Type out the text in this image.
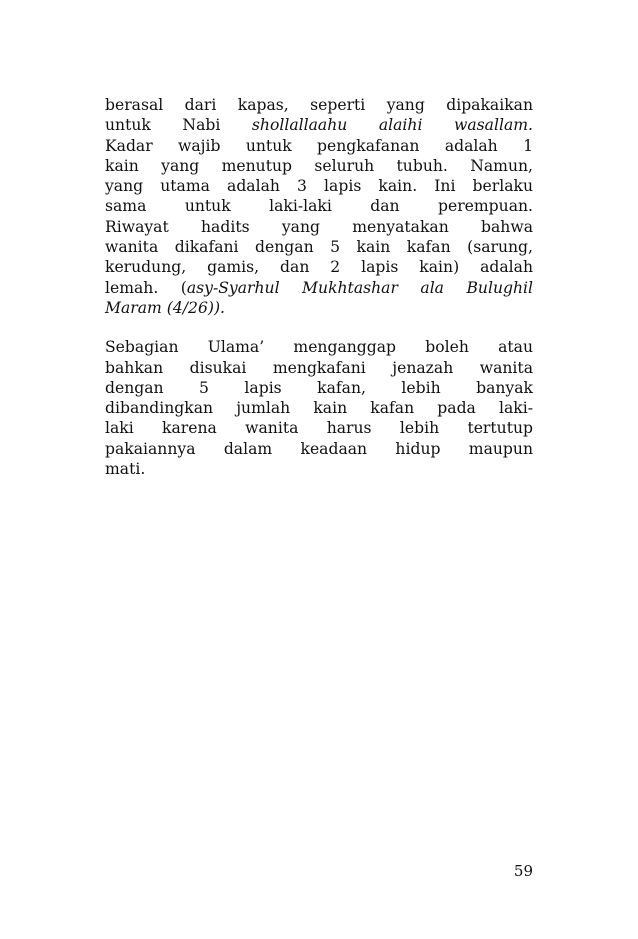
berasal dari kapas, seperti yang dipakaikan
untuk Nabi shollallaahu alaihi wasallam.
Kadar wajib untuk pengkafanan adalah 1
kain yang menutup seluruh tubuh. Namun,
yang utama adalah 3 lapis kain. Ini berlaku
sama untuk laki-laki dan perempuan.
Riwayat hadits yang menyatakan bahwa
wanita dikafani dengan 5 kain kafan (sarung,
kerudung, gamis, dan 2 lapis kain) adalah
lemah. (asy-Syarhul Mukhtashar ala Bulughil
Maram (4/26)).

Sebagian Ulama’ menganggap boleh atau
bahkan disukai mengkafani jenazah wanita
dengan 5 lapis kafan, lebih banyak
dibandingkan jumlah kain kafan pada laki-
laki karena wanita harus lebih tertutup
pakaiannya dalam keadaan hidup maupun
mati.

59
